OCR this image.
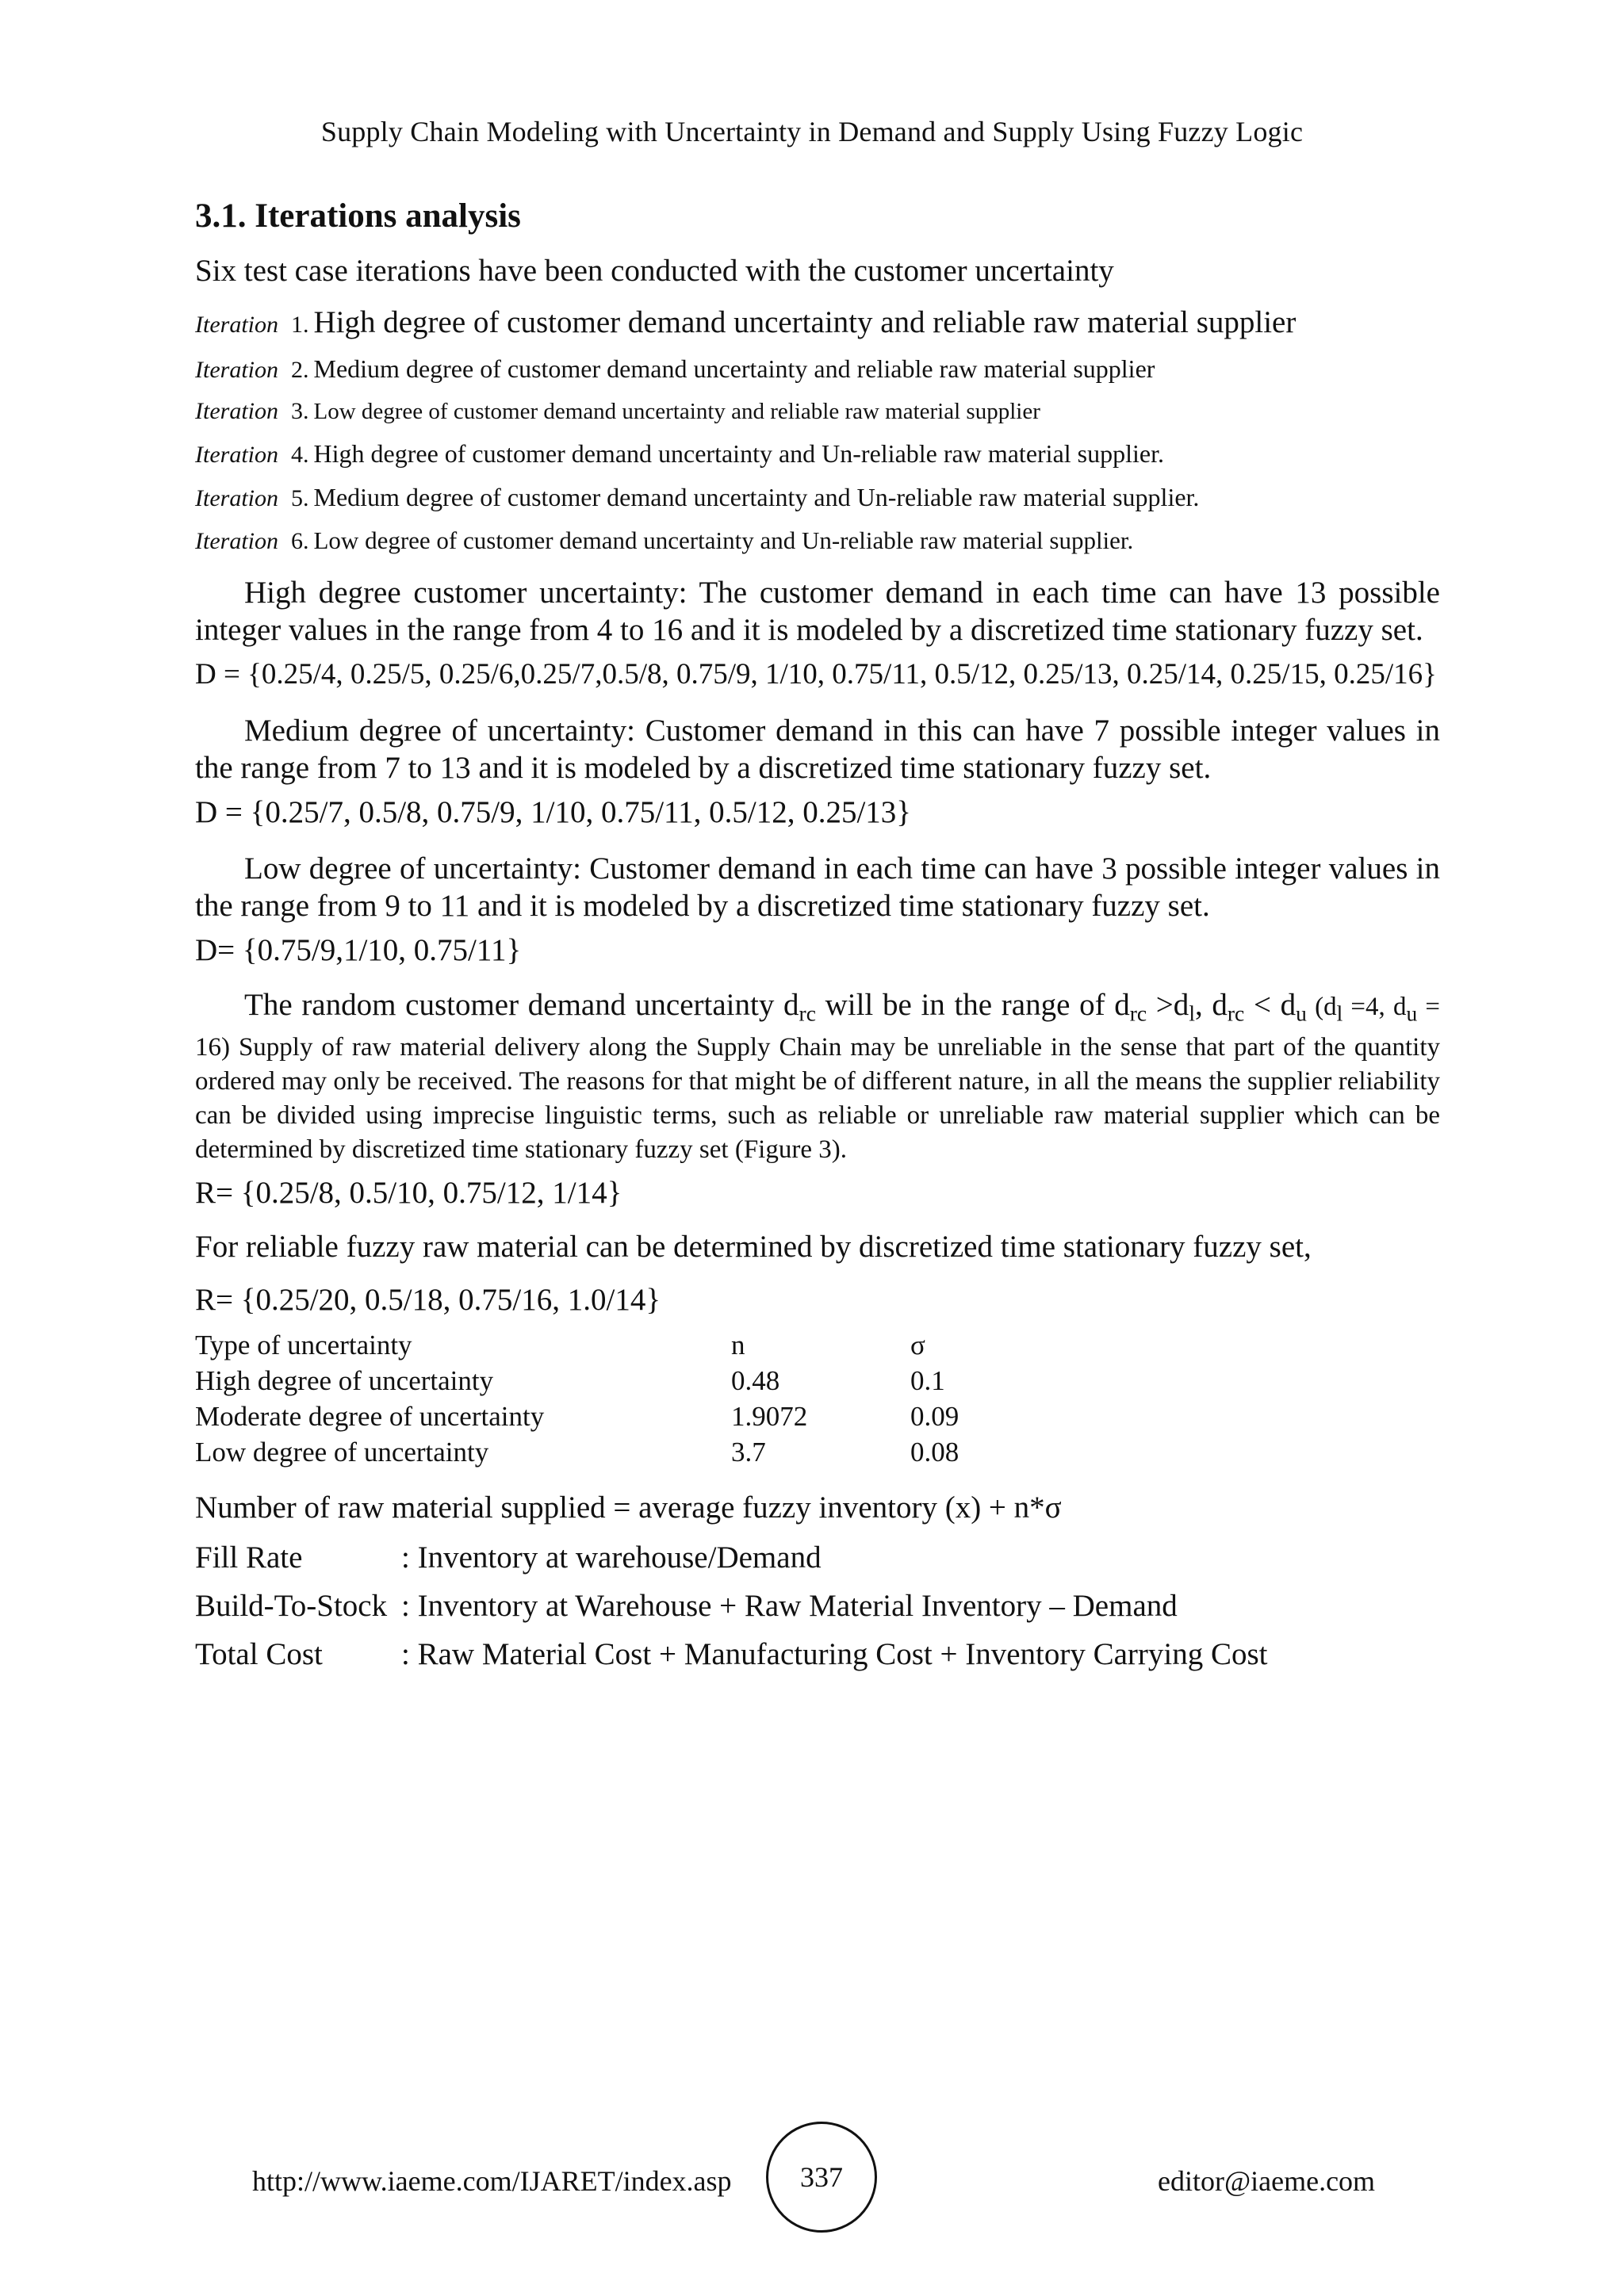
Supply Chain Modeling with Uncertainty in Demand and Supply Using Fuzzy Logic
3.1. Iterations analysis
Six test case iterations have been conducted with the customer uncertainty
Iteration 1. High degree of customer demand uncertainty and reliable raw material supplier
Iteration 2. Medium degree of customer demand uncertainty and reliable raw material supplier
Iteration 3. Low degree of customer demand uncertainty and reliable raw material supplier
Iteration 4. High degree of customer demand uncertainty and Un-reliable raw material supplier.
Iteration 5. Medium degree of customer demand uncertainty and Un-reliable raw material supplier.
Iteration 6. Low degree of customer demand uncertainty and Un-reliable raw material supplier.

High degree customer uncertainty: The customer demand in each time can have 13 possible integer values in the range from 4 to 16 and it is modeled by a discretized time stationary fuzzy set.

D = {0.25/4, 0.25/5, 0.25/6,0.25/7,0.5/8, 0.75/9, 1/10, 0.75/11, 0.5/12, 0.25/13, 0.25/14, 0.25/15, 0.25/16}

Medium degree of uncertainty: Customer demand in this can have 7 possible integer values in the range from 7 to 13 and it is modeled by a discretized time stationary fuzzy set.

D = {0.25/7, 0.5/8, 0.75/9, 1/10, 0.75/11, 0.5/12, 0.25/13}

Low degree of uncertainty: Customer demand in each time can have 3 possible integer values in the range from 9 to 11 and it is modeled by a discretized time stationary fuzzy set.

D= {0.75/9,1/10, 0.75/11}

The random customer demand uncertainty $d_{rc}$ will be in the range of $d_{rc} >d_l$, $d_{rc} < d_u$ ($d_l =4$, $d_u = 16$) Supply of raw material delivery along the Supply Chain may be unreliable in the sense that part of the quantity ordered may only be received. The reasons for that might be of different nature, in all the means the supplier reliability can be divided using imprecise linguistic terms, such as reliable or unreliable raw material supplier which can be determined by discretized time stationary fuzzy set (Figure 3).

R= {0.25/8, 0.5/10, 0.75/12, 1/14}
For reliable fuzzy raw material can be determined by discretized time stationary fuzzy set,
R= {0.25/20, 0.5/18, 0.75/16, 1.0/14}
Type of uncertainty	n	σ
High degree of uncertainty	0.48	0.1
Moderate degree of uncertainty	1.9072	0.09
Low degree of uncertainty	3.7	0.08
Number of raw material supplied = average fuzzy inventory (x) + n*σ
Fill Rate	: Inventory at warehouse/Demand
Build-To-Stock : Inventory at Warehouse + Raw Material Inventory – Demand
Total Cost	: Raw Material Cost + Manufacturing Cost + Inventory Carrying Cost
http://www.iaeme.com/IJARET/index.asp 337	editor@iaeme.com
